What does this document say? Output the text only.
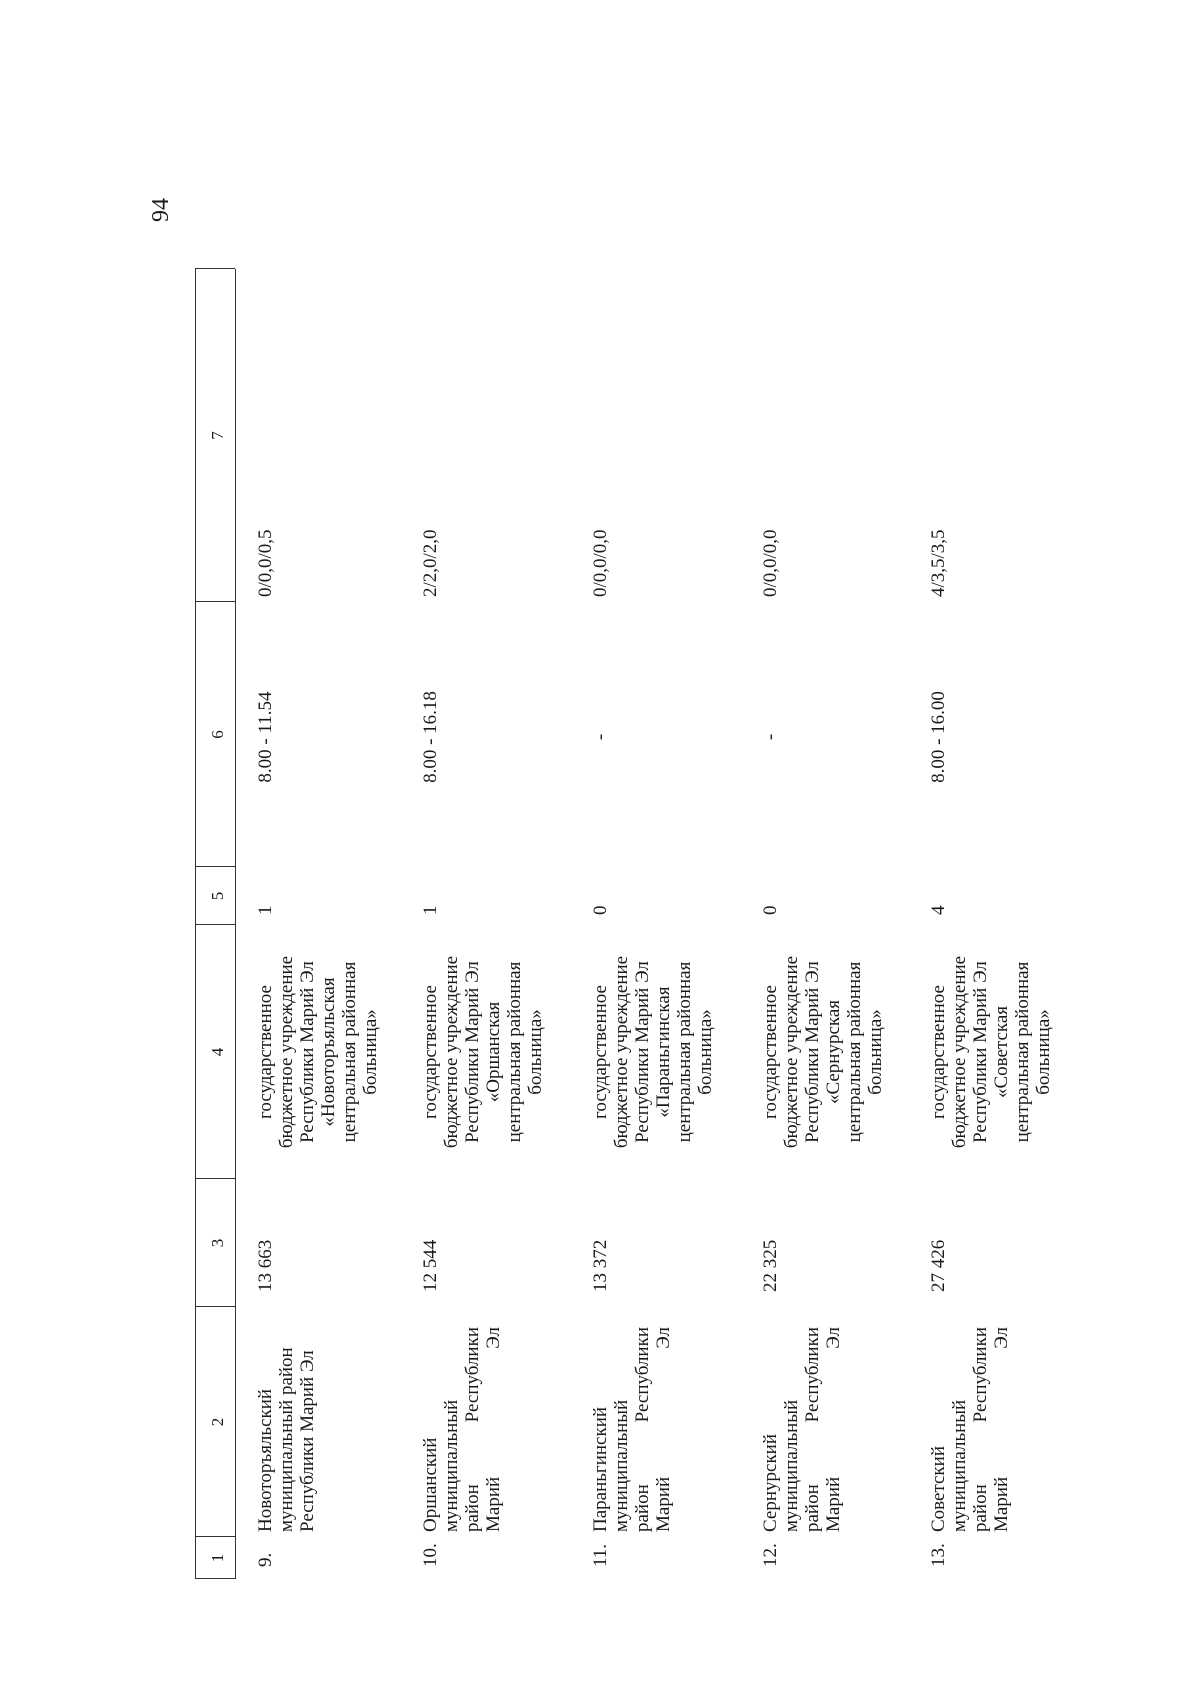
94
1
2
3
4
5
6
7
9.
Новоторъяльский муниципальный район Республики Марий Эл
13 663
государственное бюджетное учреждение Республики Марий Эл «Новоторъяльская центральная районная больница»
1
8.00 - 11.54
0/0,0/0,5
10.
Оршанский муниципальный район Республики Марий Эл
12 544
государственное бюджетное учреждение Республики Марий Эл «Оршанская центральная районная больница»
1
8.00 - 16.18
2/2,0/2,0
11.
Параньгинский муниципальный район Республики Марий Эл
13 372
государственное бюджетное учреждение Республики Марий Эл «Параньгинская центральная районная больница»
0
-
0/0,0/0,0
12.
Сернурский муниципальный район Республики Марий Эл
22 325
государственное бюджетное учреждение Республики Марий Эл «Сернурская центральная районная больница»
0
-
0/0,0/0,0
13.
Советский муниципальный район Республики Марий Эл
27 426
государственное бюджетное учреждение Республики Марий Эл «Советская центральная районная больница»
4
8.00 - 16.00
4/3,5/3,5
